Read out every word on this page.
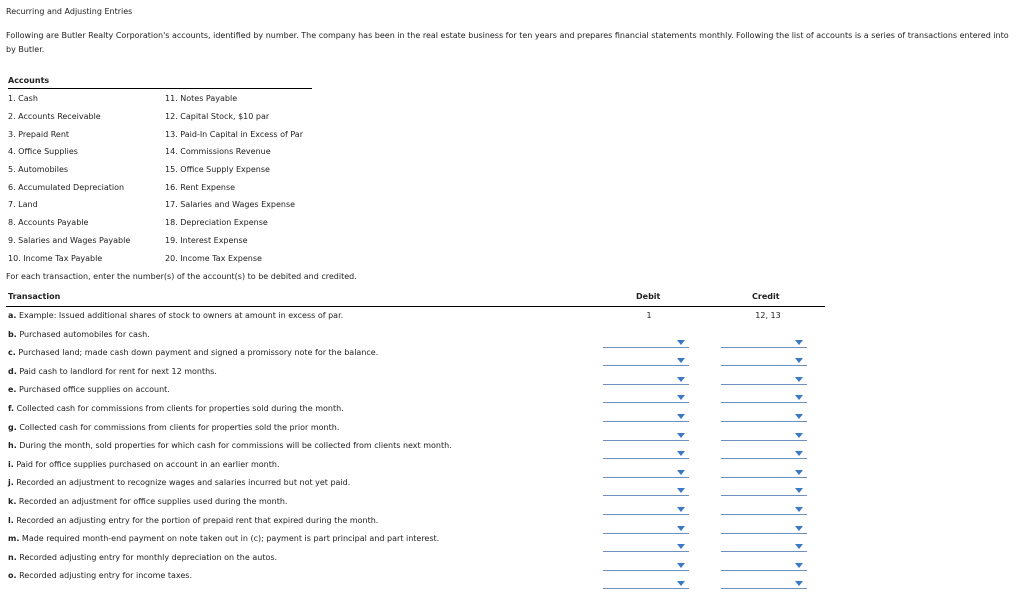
Recurring and Adjusting Entries
Following are Butler Realty Corporation's accounts, identified by number. The company has been in the real estate business for ten years and prepares financial statements monthly. Following the list of accounts is a series of transactions entered into by Butler.
Accounts
1. Cash	11. Notes Payable
2. Accounts Receivable	12. Capital Stock, $10 par
3. Prepaid Rent	13. Paid-In Capital in Excess of Par
4. Office Supplies	14. Commissions Revenue
5. Automobiles	15. Office Supply Expense
6. Accumulated Depreciation	16. Rent Expense
7. Land	17. Salaries and Wages Expense
8. Accounts Payable	18. Depreciation Expense
9. Salaries and Wages Payable	19. Interest Expense
10. Income Tax Payable	20. Income Tax Expense
For each transaction, enter the number(s) of the account(s) to be debited and credited.
Transaction	Debit	Credit
a. Example: Issued additional shares of stock to owners at amount in excess of par.	1	12, 13
b. Purchased automobiles for cash.
c. Purchased land; made cash down payment and signed a promissory note for the balance.
d. Paid cash to landlord for rent for next 12 months.
e. Purchased office supplies on account.
f. Collected cash for commissions from clients for properties sold during the month.
g. Collected cash for commissions from clients for properties sold the prior month.
h. During the month, sold properties for which cash for commissions will be collected from clients next month.
i. Paid for office supplies purchased on account in an earlier month.
j. Recorded an adjustment to recognize wages and salaries incurred but not yet paid.
k. Recorded an adjustment for office supplies used during the month.
l. Recorded an adjusting entry for the portion of prepaid rent that expired during the month.
m. Made required month-end payment on note taken out in (c); payment is part principal and part interest.
n. Recorded adjusting entry for monthly depreciation on the autos.
o. Recorded adjusting entry for income taxes.
